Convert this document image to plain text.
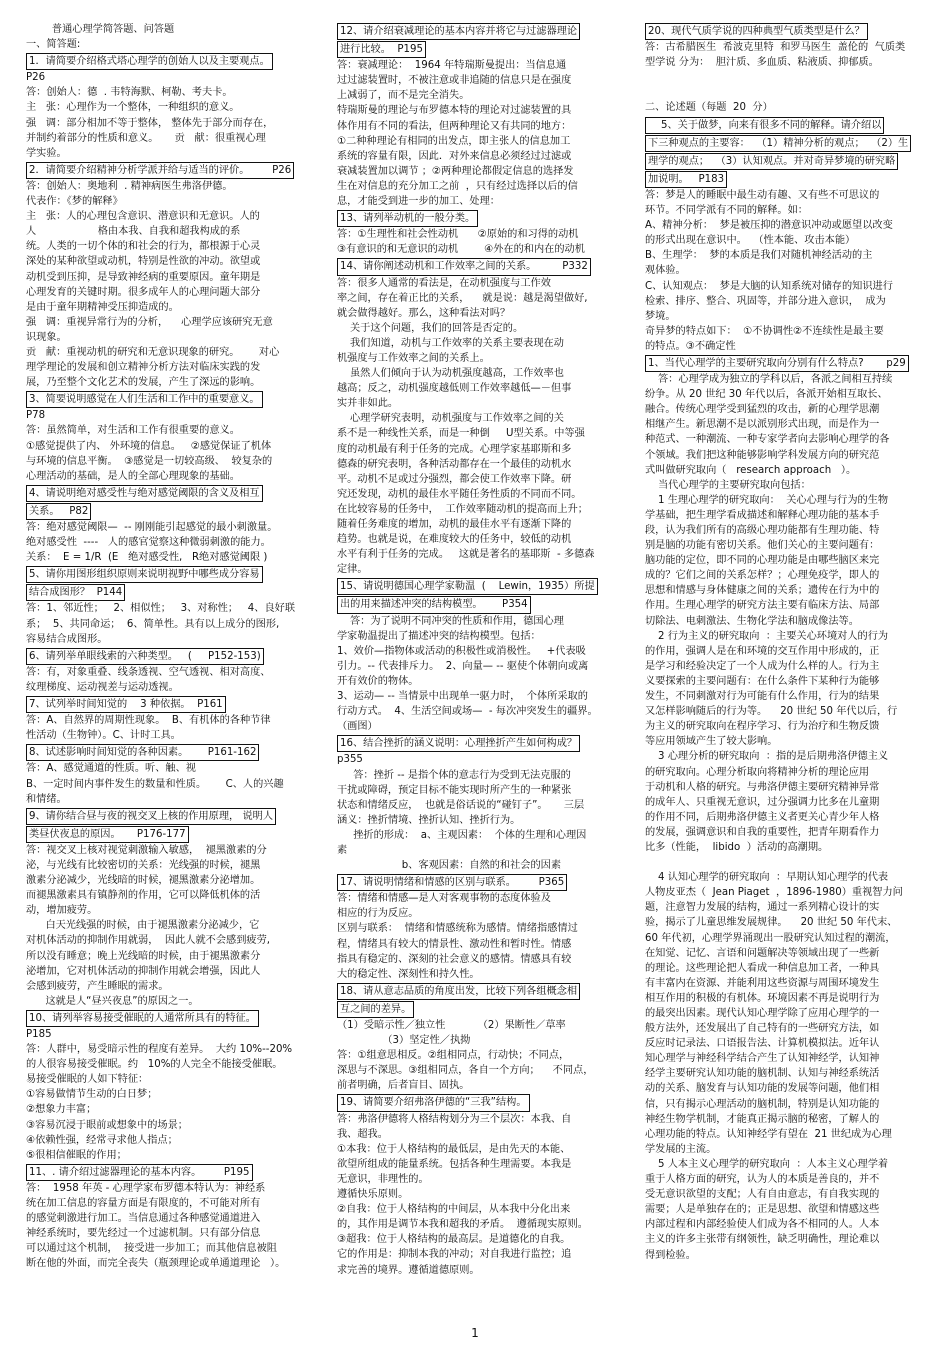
普通心理学简答题、问答题

一、简答题:

1．请简要介绍格式塔心理学的创始人以及主要观点。

P26

答：创始人：德  . 韦特海默、柯勒、考夫卡。

主   张：心理作为一个整体，一种组织的意义。

强   调：部分相加不等于整体， 整体先于部分而存在，

并制约着部分的性质和意义。     贡   献：很重视心理

学实验。

2．请简要介绍精神分析学派并给与适当的评价。       P26

答：创始人：奥地利  . 精神病医生弗洛伊德。

代表作：《梦的解释》

主   张：人的心理包含意识、潜意识和无意识。人的

人                   格由本我、自我和超我构成的系

统。人类的一切个体的和社会的行为，都根源于心灵

深处的某种欲望或动机，特别是性欲的冲动。欲望或

动机受到压抑，是导致神经病的重要原因。童年期是

心理发育的关键时期。很多成年人的心理问题大部分

是由于童年期精神受压抑造成的。

强   调：重视异常行为的分析，    心理学应该研究无意

识现象。

贡   献：重视动机的研究和无意识现象的研究。      对心

理学理论的发展和创立精神分析方法对临床实践的发

展，乃至整个文化艺术的发展，产生了深远的影响。

3、简要说明感觉在人们生活和工作中的重要意义。

P78

答：虽然简单，对生活和工作有很重要的意义。

①感觉提供了内、 外环境的信息。   ②感觉保证了机体

与环境的信息平衡。  ③感觉是一切较高级、  较复杂的

心理活动的基础，是人的全部心理现象的基础。

4、请说明绝对感受性与绝对感觉阈限的含义及相互

关系。   P82

答：绝对感觉阈限—  -- 刚刚能引起感觉的最小刺激量。

绝对感受性  ----   人的感官觉察这种微弱刺激的能力。

关系：  E = 1/R  (E   绝对感受性,   R绝对感觉阈限 )

5、请你用图形组织原则来说明视野中哪些成分容易

结合成图形？  P144

答：1、邻近性；   2、相似性；   3、对称性；   4、良好联

系；  5、共同命运；  6、简单性。具有以上成分的图形,

容易结合成图形。

6、请列举单眼线索的六种类型。   (     P152-153)

答：有，对象重叠、线条透视、空气透视、相对高度、

纹理梯度、运动视差与运动透视。

7、试列举时间知觉的    3 种依据。  P161

答：A、自然界的周期性现象。  B、有机体的各种节律

性活动（生物钟）。C、计时工具。

8、试述影响时间知觉的各种因素。      P161-162

答：A、感觉通道的性质。听、触、视

B、一定时间内事件发生的数量和性质。      C、人的兴趣

和情绪。

9、请你结合昼与夜的视交叉上核的作用原理， 说明人

类昼伏夜息的原因。     P176-177

答：视交叉上核对视觉刺激输入敏感，  褪黑激素的分

泌，与光线有比较密切的关系：光线强的时候，褪黑

激素分泌减少，光线暗的时候，褪黑激素分泌增加。

而褪黑激素具有镇静剂的作用，它可以降低机体的活

动，增加疲劳。

白天光线强的时候，由于褪黑激素分泌减少，它

对机体活动的抑制作用就弱，  因此人就不会感到疲劳,

所以没有睡意；晚上光线暗的时候，由于褪黑激素分

泌增加，它对机体活动的抑制作用就会增强，因此人

会感到疲劳，产生睡眠的需求。

这就是人“昼兴夜息”的原因之一。

10、请列举容易接受催眠的人通常所具有的特征。

P185

答：人群中，易受暗示性的程度有差异。  大约 10%--20%

的人很容易接受催眠。约   10%的人完全不能接受催眠。

易接受催眠的人如下特征：

①容易做情节生动的白日梦；

②想象力丰富；

③容易沉浸于眼前或想象中的场景；

④依赖性强，经常寻求他人指点；

⑤很相信催眠的作用；

11、. 请介绍过滤器理论的基本内容。       P195

答：  1958 年英 - 心理学家布罗德本特认为：神经系

统在加工信息的容量方面是有限度的，不可能对所有

的感觉刺激进行加工。当信息通过各种感觉通道进入

神经系统时，要先经过一个过滤机制。只有部分信息

可以通过这个机制，  接受进一步加工；而其他信息被阻

断在他的外面，而完全丧失（瓶颈理论或单通道理论   ）。

12、请介绍衰减理论的基本内容并将它与过滤器理论

进行比较。  P195

答：衰减理论：  1964 年特瑞斯曼提出：当信息通

过过滤装置时，不被注意或非追随的信息只是在强度

上减弱了，而不是完全消失。

特瑞斯曼的理论与布罗德本特的理论对过滤装置的具

体作用有不同的看法，但两种理论又有共同的地方：

①二种种理论有相同的出发点，即主张人的信息加工

系统的容量有限，因此．对外来信息必须经过过滤或

衰减装置加以调节 ；②两种理论都假定信息的选择发

生在对信息的充分加工之前  ，只有经过选择以后的信

息，才能受到进一步的加工、处理：

13、请列举动机的一般分类。

答：①生理性和社会性动机      ②原始的和习得的动机

③有意识的和无意识的动机        ④外在的和内在的动机

14、请你阐述动机和工作效率之间的关系。        P332

答：很多人通常的看法是，在动机强度与工作效

率之间，存在着正比的关系，    就是说：越是渴望做好,

就会做得越好。那么，这种看法对吗？

关于这个问题，我们的回答是否定的。

我们知道，动机与工作效率的关系主要表现在动

机强度与工作效率之间的关系上。

虽然人们倾向于认为动机强度越高，工作效率也

越高；反之，动机强度越低则工作效率越低—－但事

实并非如此。

心理学研究表明，动机强度与工作效率之间的关

系不是一种线性关系，而是一种倒     U型关系。中等强

度的动机最有利于任务的完成。心理学家基耶斯和多

德森的研究表明，各种活动都存在一个最佳的动机水

平。动机不足或过分强烈，都会使工作效率下降。研

究还发现，动机的最佳水平随任务性质的不同而不同。

在比较容易的任务中，  工作效率随动机的提高而上升；

随着任务难度的增加，动机的最佳水平有逐渐下降的

趋势。也就是说，在难度较大的任务中，较低的动机

水平有利于任务的完成。   这就是著名的基耶斯  - 多德森

定律。

15、请说明德国心理学家勒温  (    Lewin，1935）所提

出的用来描述冲突的结构模型。      P354

答：为了说明不同冲突的性质和作用，德国心理

学家勒温提出了描述冲突的结构模型。包括：

1、效价—指物体或活动的积极性或消极性。   +代表吸

引力。-- 代表排斥力。  2、向量— -- 驱使个体朝向或离

开有效价的物体。

3、运动— -- 当情景中出现单一驱力时，  个体所采取的

行动方式。  4、生活空间或场—  - 每次冲突发生的疆界。

（画图）

16、结合挫折的涵义说明：心理挫折产生如何构成？

p355

答：挫折 -- 是指个体的意志行为受到无法克服的

干扰或障碍，预定目标不能实现时所产生的一种紧张

状态和情绪反应，  也就是俗话说的“碰钉子”。     三层

涵义：挫折情境、挫折认知、挫折行为。

挫折的形成：  a、主观因素：  个体的生理和心理因

素

b、客观因素：自然的和社会的因素

17、请说明情绪和情感的区别与联系。       P365

答：情绪和情感—是人对客观事物的态度体验及

相应的行为反应。

区别与联系：  情绪和情感统称为感情。情绪指感情过

程，情绪具有较大的情景性、激动性和暂时性。情感

指具有稳定的、深刻的社会意义的感情。情感具有较

大的稳定性、深刻性和持久性。

18、请从意志品质的角度出发，比较下列各组概念相

互之间的差异。

（1）受暗示性／独立性          （2）果断性／草率

（3）坚定性／执拗

答：①组意思相反。②组相同点，行动快；不同点，

深思与不深思。③组相同点，各自一个方向；    不同点，

前者明确，后者盲目、固执。

19、请简要介绍弗洛伊德的“三我”结构。

答：弗洛伊德将人格结构划分为三个层次：本我、自

我、超我。

①本我：位于人格结构的最低层，是由先天的本能、

欲望所组成的能量系统。包括各种生理需要。本我是

无意识，非理性的。

遵循快乐原则。

②自我：位于人格结构的中间层，从本我中分化出来

的，其作用是调节本我和超我的矛盾。  遵循现实原则。

③超我：位于人格结构的最高层。是道德化的自我。

它的作用是：抑制本我的冲动；对自我进行监控；追

求完善的境界。遵循道德原则。

20、现代气质学说的四种典型气质类型是什么？

答：古希腊医生  希波克里特  和罗马医生  盖伦的  气质类

型学说 分为：  胆汁质、多血质、粘液质、抑郁质。

二、论述题（每题  20  分）

5、关于做梦，向来有很多不同的解释。请介绍以

下三种观点的主要容：  （1）精神分析的观点；  （2）生

理学的观点；  （3）认知观点。并对奇异梦境的研究略

加说明。   P183

答：梦是人的睡眠中最生动有趣、又有些不可思议的

环节。不同学派有不同的解释。如：

A、精神分析：  梦是被压抑的潜意识冲动或愿望以改变

的形式出现在意识中。  （性本能、攻击本能）

B、生理学：  梦的本质是我们对随机神经活动的主

观体验。

C、认知观点：  梦是大脑的认知系统对储存的知识进行

检索、排序、整合、巩固等，并部分进入意识，  成为

梦境。

奇异梦的特点如下：  ①不协调性②不连续性是最主要

的特点。③不确定性

1、当代心理学的主要研究取向分别有什么特点?       p29

答：心理学成为独立的学科以后，各派之间相互持续

纷争。从 20 世纪 30 年代以后，各派开始相互取长、

融合。传统心理学受到猛烈的攻击，新的心理学思潮

相继产生。新思潮不是以派别形式出现，而是作为一

种范式、一种潮流、一种专家学者向去影响心理学的各

个领域。我们把这种能够影响学科发展方向的研究范

式叫做研究取向（   research approach   ）。

当代心理学的主要研究取向包括：

1 生理心理学的研究取向：  关心心理与行为的生物

学基础，把生理学看成描述和解释心理功能的基本手

段，认为我们所有的高级心理功能都有生理功能、特

别是脑的功能有密切关系。他们关心的主要问题有：

脑功能的定位，即不同的心理功能是由哪些脑区来完

成的？它们之间的关系怎样？；心理免疫学，即人的

思想和情感与身体健康之间的关系；遗传在行为中的

作用。生理心理学的研究方法主要有临床方法、局部

切除法、电刺激法、生物化学法和脑成像法等。

2 行为主义的研究取向  ：主要关心环境对人的行为

的作用，强调人是在和环境的交互作用中形成的，正

是学习和经验决定了一个人成为什么样的人。行为主

义要探索的主要问题有：在什么条件下某种行为能够

发生，不同刺激对行为可能有什么作用，行为的结果

又怎样影响随后的行为等。    20 世纪 50 年代以后，行

为主义的研究取向在程序学习、行为治疗和生物反馈

等应用领域产生了较大影响。

3 心理分析的研究取向  ：指的是后期弗洛伊德主义

的研究取向。心理分析取向将精神分析的理论应用

于动机和人格的研究。与弗洛伊德主要研究精神异常

的成年人、只重视无意识，过分强调力比多在儿童期

的作用不同，后期弗洛伊德主义者更关心青少年人格

的发展，强调意识和自我的重要性，把青年期看作力

比多（性能，  libido  ）活动的高潮期。

4 认知心理学的研究取向  ：早期认知心理学的代表

人物皮亚杰（  Jean Piaget  ，1896-1980）重视智力问

题，注意智力发展的结构，通过一系列精心设计的实

验，揭示了儿童思维发展规律。    20 世纪 50 年代末、

60 年代初，心理学界涌现出一股研究认知过程的潮流，

在知觉、记忆、言语和问题解决等领域出现了一些新

的理论。这些理论把人看成一种信息加工者，一种具

有丰富内在资源、并能利用这些资源与周围环境发生

相互作用的积极的有机体。环境因素不再是说明行为

的最突出因素。现代认知心理学除了应用心理学的一

般方法外，还发展出了自己特有的一些研究方法，如

反应时记录法、口语报告法、计算机模拟法。近年认

知心理学与神经科学结合产生了认知神经学，认知神

经学主要研究认知功能的脑机制、认知与神经系统活

动的关系、脑发育与认知功能的发展等问题，他们相

信，只有揭示心理活动的脑机制，特别是认知功能的

神经生物学机制，才能真正揭示脑的秘密，了解人的

心理功能的特点。认知神经学有望在  21 世纪成为心理

学发展的主流。

5 人本主义心理学的研究取向  ：人本主义心理学着

重于人格方面的研究，认为人的本质是善良的，并不

受无意识欲望的支配；人有自由意志，有自我实现的

需要；人是单独存在的；正是思想、欲望和情感这些

内部过程和内部经验使人们成为各不相同的人。人本

主义的许多主张带有纲领性，缺乏明确性，理论难以

得到检验。

1
